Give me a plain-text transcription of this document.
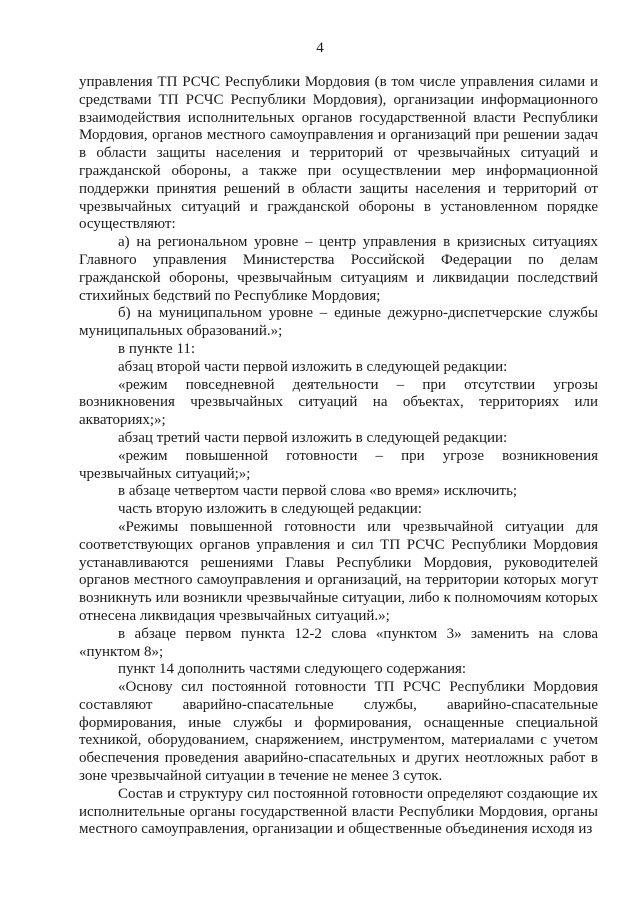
4

управления ТП РСЧС Республики Мордовия (в том числе управления силами и средствами ТП РСЧС Республики Мордовия), организации информационного взаимодействия исполнительных органов государственной власти Республики Мордовия, органов местного самоуправления и организаций при решении задач в области защиты населения и территорий от чрезвычайных ситуаций и гражданской обороны, а также при осуществлении мер информационной поддержки принятия решений в области защиты населения и территорий от чрезвычайных ситуаций и гражданской обороны в установленном порядке осуществляют:

а) на региональном уровне – центр управления в кризисных ситуациях Главного управления Министерства Российской Федерации по делам гражданской обороны, чрезвычайным ситуациям и ликвидации последствий стихийных бедствий по Республике Мордовия;

б) на муниципальном уровне – единые дежурно-диспетчерские службы муниципальных образований.»;

в пункте 11:

абзац второй части первой изложить в следующей редакции:

«режим повседневной деятельности – при отсутствии угрозы возникновения чрезвычайных ситуаций на объектах, территориях или акваториях;»;

абзац третий части первой изложить в следующей редакции:

«режим повышенной готовности – при угрозе возникновения чрезвычайных ситуаций;»;

в абзаце четвертом части первой слова «во время» исключить;

часть вторую изложить в следующей редакции:

«Режимы повышенной готовности или чрезвычайной ситуации для соответствующих органов управления и сил ТП РСЧС Республики Мордовия устанавливаются решениями Главы Республики Мордовия, руководителей органов местного самоуправления и организаций, на территории которых могут возникнуть или возникли чрезвычайные ситуации, либо к полномочиям которых отнесена ликвидация чрезвычайных ситуаций.»;

в абзаце первом пункта 12-2 слова «пунктом 3» заменить на слова «пунктом 8»;

пункт 14 дополнить частями следующего содержания:

«Основу сил постоянной готовности ТП РСЧС Республики Мордовия составляют аварийно-спасательные службы, аварийно-спасательные формирования, иные службы и формирования, оснащенные специальной техникой, оборудованием, снаряжением, инструментом, материалами с учетом обеспечения проведения аварийно-спасательных и других неотложных работ в зоне чрезвычайной ситуации в течение не менее 3 суток.

Состав и структуру сил постоянной готовности определяют создающие их исполнительные органы государственной власти Республики Мордовия, органы местного самоуправления, организации и общественные объединения исходя из
